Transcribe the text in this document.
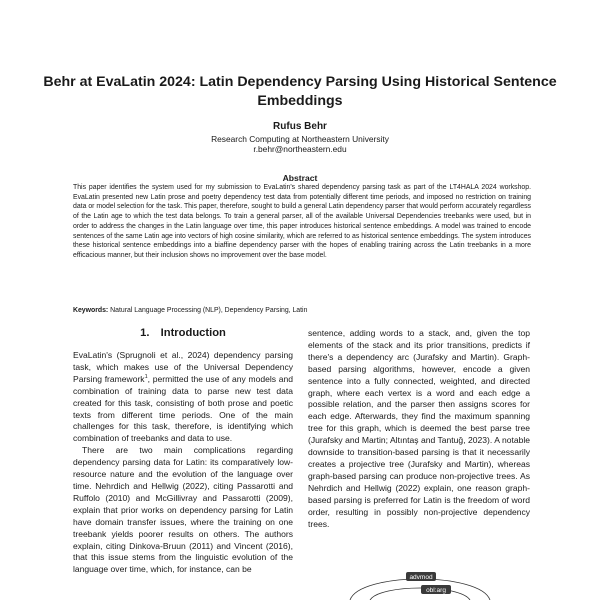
Behr at EvaLatin 2024: Latin Dependency Parsing Using Historical Sentence Embeddings
Rufus Behr
Research Computing at Northeastern University
r.behr@northeastern.edu
Abstract
This paper identifies the system used for my submission to EvaLatin's shared dependency parsing task as part of the LT4HALA 2024 workshop. EvaLatin presented new Latin prose and poetry dependency test data from potentially different time periods, and imposed no restriction on training data or model selection for the task. This paper, therefore, sought to build a general Latin dependency parser that would perform accurately regardless of the Latin age to which the test data belongs. To train a general parser, all of the available Universal Dependencies treebanks were used, but in order to address the changes in the Latin language over time, this paper introduces historical sentence embeddings. A model was trained to encode sentences of the same Latin age into vectors of high cosine similarity, which are referred to as historical sentence embeddings. The system introduces these historical sentence embeddings into a biaffine dependency parser with the hopes of enabling training across the Latin treebanks in a more efficacious manner, but their inclusion shows no improvement over the base model.
Keywords: Natural Language Processing (NLP), Dependency Parsing, Latin
1. Introduction

EvaLatin's (Sprugnoli et al., 2024) dependency parsing task, which makes use of the Universal Dependency Parsing framework$^1$, permitted the use of any models and combination of training data to parse new test data created for this task, consisting of both prose and poetic texts from different time periods. One of the main challenges for this task, therefore, is identifying which combination of treebanks and data to use.

There are two main complications regarding dependency parsing data for Latin: its comparatively low-resource nature and the evolution of the language over time. Nehrdich and Hellwig (2022), citing Passarotti and Ruffolo (2010) and McGillivray and Passarotti (2009), explain that prior works on dependency parsing for Latin have domain transfer issues, where the training on one treebank yields poorer results on others. The authors explain, citing Dinkova-Bruun (2011) and Vincent (2016), that this issue stems from the linguistic evolution of the language over time, which, for instance, can be

sentence, adding words to a stack, and, given the top elements of the stack and its prior transitions, predicts if there's a dependency arc (Jurafsky and Martin). Graph-based parsing algorithms, however, encode a given sentence into a fully connected, weighted, and directed graph, where each vertex is a word and each edge a possible relation, and the parser then assigns scores for each edge. Afterwards, they find the maximum spanning tree for this graph, which is deemed the best parse tree (Jurafsky and Martin; Altıntaş and Tantuğ, 2023). A notable downside to transition-based parsing is that it necessarily creates a projective tree (Jurafsky and Martin), whereas graph-based parsing can produce non-projective trees. As Nehrdich and Hellwig (2022) explain, one reason graph-based parsing is preferred for Latin is the freedom of word order, resulting in possibly non-projective dependency trees.

advmod
obl:arg
